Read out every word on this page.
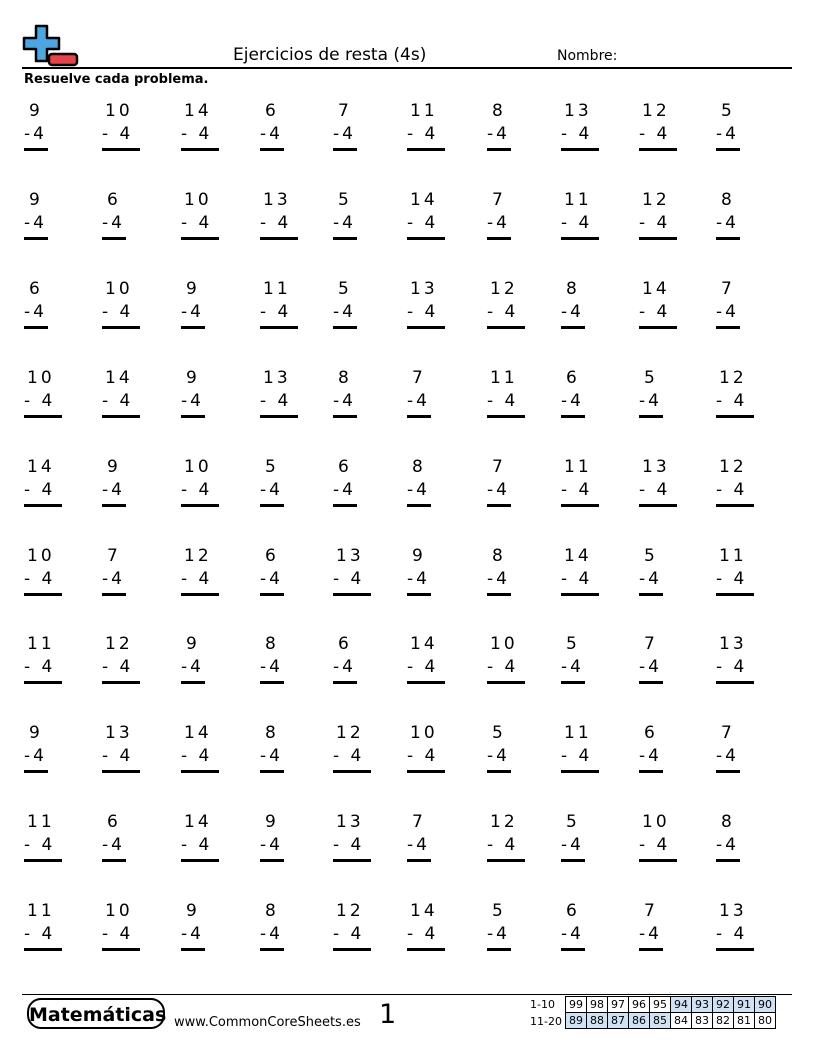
Ejercicios de resta (4s)	Nombre:
Resuelve cada problema.
9
-4
10
- 4
14
- 4
6
-4
7
-4
11
- 4
8
-4
13
- 4
12
- 4
5
-4
9
-4
6
-4
10
- 4
13
- 4
5
-4
14
- 4
7
-4
11
- 4
12
- 4
8
-4
6
-4
10
- 4
9
-4
11
- 4
5
-4
13
- 4
12
- 4
8
-4
14
- 4
7
-4
10
- 4
14
- 4
9
-4
13
- 4
8
-4
7
-4
11
- 4
6
-4
5
-4
12
- 4
14
- 4
9
-4
10
- 4
5
-4
6
-4
8
-4
7
-4
11
- 4
13
- 4
12
- 4
10
- 4
7
-4
12
- 4
6
-4
13
- 4
9
-4
8
-4
14
- 4
5
-4
11
- 4
11
- 4
12
- 4
9
-4
8
-4
6
-4
14
- 4
10
- 4
5
-4
7
-4
13
- 4
9
-4
13
- 4
14
- 4
8
-4
12
- 4
10
- 4
5
-4
11
- 4
6
-4
7
-4
11
- 4
6
-4
14
- 4
9
-4
13
- 4
7
-4
12
- 4
5
-4
10
- 4
8
-4
11
- 4
10
- 4
9
-4
8
-4
12
- 4
14
- 4
5
-4
6
-4
7
-4
13
- 4
Matemáticas www.CommonCoreSheets.es 1	1-10
11-20
99	98	97	96	95	94	93	92	91	90
89	88	87	86	85	84	83	82	81	80
